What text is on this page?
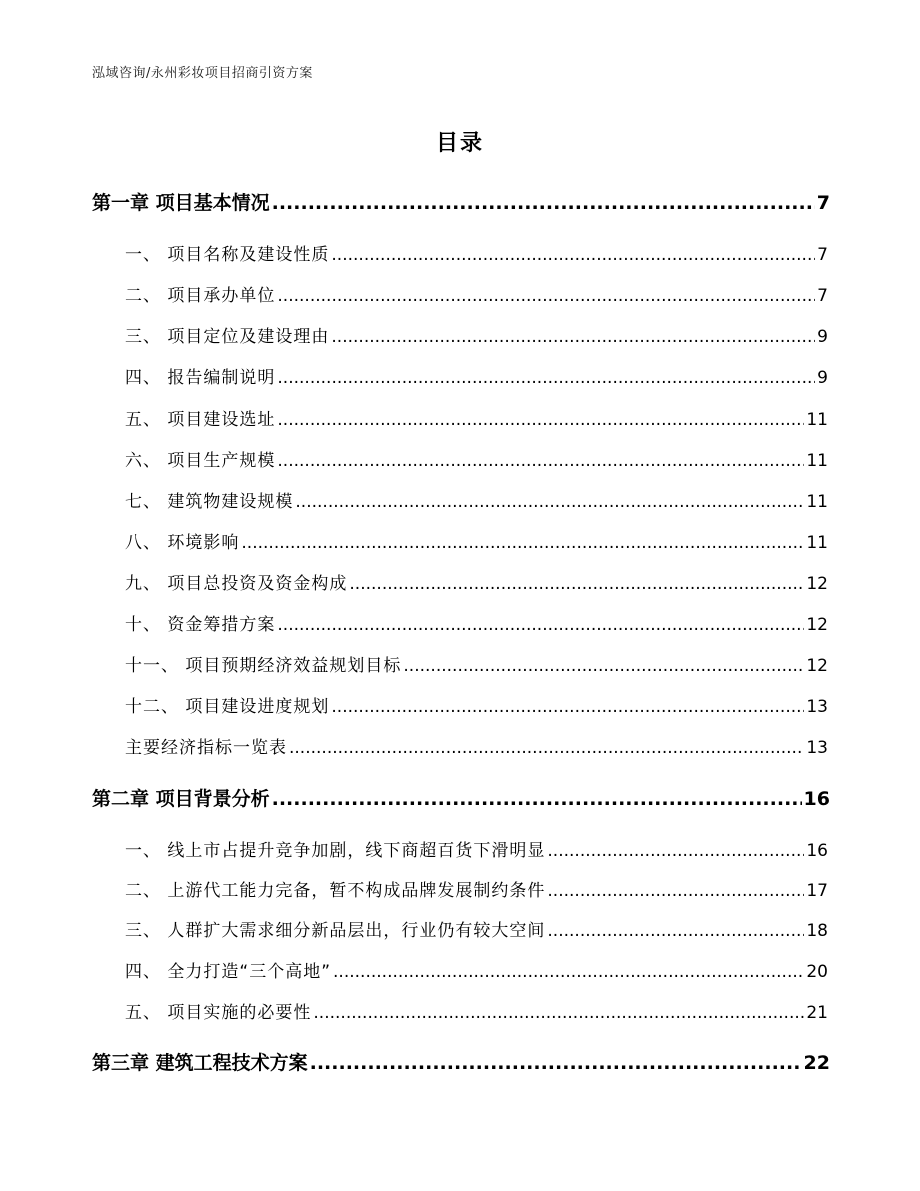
泓域咨询/永州彩妆项目招商引资方案
目录
第一章 项目基本情况 .....	7
一、 项目名称及建设性质 .....	7
二、 项目承办单位 .....	7
三、 项目定位及建设理由 .....	9
四、 报告编制说明 .....	9
五、 项目建设选址 .....	11
六、 项目生产规模 .....	11
七、 建筑物建设规模 .....	11
八、 环境影响 .....	11
九、 项目总投资及资金构成 .....	12
十、 资金筹措方案 .....	12
十一、 项目预期经济效益规划目标 .....	12
十二、 项目建设进度规划 .....	13
主要经济指标一览表 .....	13
第二章 项目背景分析 .....	16
一、 线上市占提升竞争加剧，线下商超百货下滑明显 .....	16
二、 上游代工能力完备，暂不构成品牌发展制约条件 .....	17
三、 人群扩大需求细分新品层出，行业仍有较大空间 .....	18
四、 全力打造“三个高地” .....	20
五、 项目实施的必要性 .....	21
第三章 建筑工程技术方案 .....	22
